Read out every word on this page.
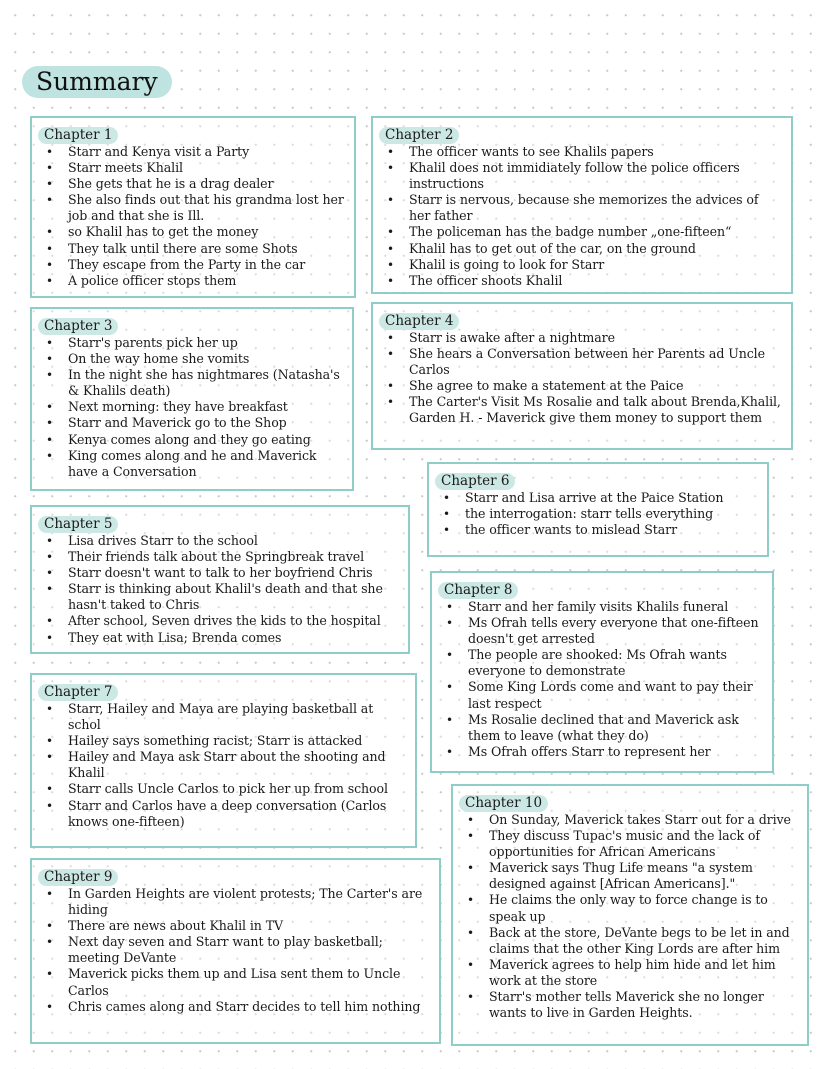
Summary
Chapter 1
• Starr and Kenya visit a Party
• Starr meets Khalil
• She gets that he is a drag dealer
• She also finds out that his grandma lost her job and that she is Ill.
• so Khalil has to get the money
• They talk until there are some Shots
• They escape from the Party in the car
• A police officer stops them
Chapter 2
• The officer wants to see Khalils papers
• Khalil does not immidiately follow the police officers instructions
• Starr is nervous, because she memorizes the advices of her father
• The policeman has the badge number „one-fifteen“
• Khalil has to get out of the car, on the ground
• Khalil is going to look for Starr
• The officer shoots Khalil
Chapter 3
• Starr's parents pick her up
• On the way home she vomits
• In the night she has nightmares (Natasha's & Khalils death)
• Next morning: they have breakfast
• Starr and Maverick go to the Shop
• Kenya comes along and they go eating
• King comes along and he and Maverick have a Conversation
Chapter 4
• Starr is awake after a nightmare
• She hears a Conversation between her Parents ad Uncle Carlos
• She agree to make a statement at the Paice
• The Carter's Visit Ms Rosalie and talk about Brenda,Khalil, Garden H. - Maverick give them money to support them
Chapter 5
• Lisa drives Starr to the school
• Their friends talk about the Springbreak travel
• Starr doesn't want to talk to her boyfriend Chris
• Starr is thinking about Khalil's death and that she hasn't taked to Chris
• After school, Seven drives the kids to the hospital
• They eat with Lisa; Brenda comes
Chapter 6
• Starr and Lisa arrive at the Paice Station
• the interrogation: starr tells everything
• the officer wants to mislead Starr
Chapter 7
• Starr, Hailey and Maya are playing basketball at schol
• Hailey says something racist; Starr is attacked
• Hailey and Maya ask Starr about the shooting and Khalil
• Starr calls Uncle Carlos to pick her up from school
• Starr and Carlos have a deep conversation (Carlos knows one-fifteen)
Chapter 8
• Starr and her family visits Khalils funeral
• Ms Ofrah tells every everyone that one-fifteen doesn't get arrested
• The people are shooked: Ms Ofrah wants everyone to demonstrate
• Some King Lords come and want to pay their last respect
• Ms Rosalie declined that and Maverick ask them to leave (what they do)
• Ms Ofrah offers Starr to represent her
Chapter 9
• In Garden Heights are violent protests; The Carter's are hiding
• There are news about Khalil in TV
• Next day seven and Starr want to play basketball; meeting DeVante
• Maverick picks them up and Lisa sent them to Uncle Carlos
• Chris cames along and Starr decides to tell him nothing
Chapter 10
• On Sunday, Maverick takes Starr out for a drive
• They discuss Tupac's music and the lack of opportunities for African Americans
• Maverick says Thug Life means "a system designed against [African Americans]."
• He claims the only way to force change is to speak up
• Back at the store, DeVante begs to be let in and claims that the other King Lords are after him
• Maverick agrees to help him hide and let him work at the store
• Starr's mother tells Maverick she no longer wants to live in Garden Heights.
